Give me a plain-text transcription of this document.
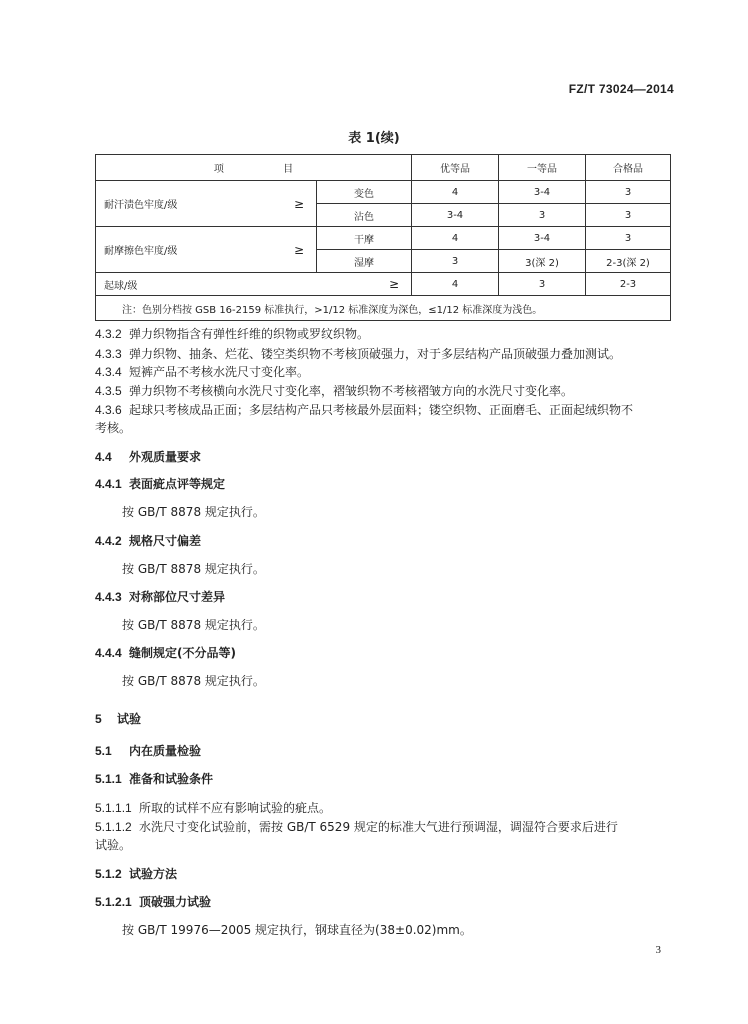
FZ/T 73024—2014
表 1(续)
项 目			优等品	一等品	合格品
耐汗渍色牢度/级	≥	变色	4	3-4	3
		沾色	3-4	3	3
耐摩擦色牢度/级	≥	干摩	4	3-4	3
		湿摩	3	3(深 2)	2-3(深 2)
起球/级	≥		4	3	2-3
注：色别分档按 GSB 16-2159 标准执行，>1/12 标准深度为深色，≤1/12 标准深度为浅色。					
4.3.2 弹力织物指含有弹性纤维的织物或罗纹织物。
4.3.3 弹力织物、抽条、烂花、镂空类织物不考核顶破强力，对于多层结构产品顶破强力叠加测试。
4.3.4 短裤产品不考核水洗尺寸变化率。
4.3.5 弹力织物不考核横向水洗尺寸变化率，褶皱织物不考核褶皱方向的水洗尺寸变化率。
4.3.6 起球只考核成品正面；多层结构产品只考核最外层面料；镂空织物、正面磨毛、正面起绒织物不
考核。
4.4 外观质量要求
4.4.1 表面疵点评等规定
按 GB/T 8878 规定执行。
4.4.2 规格尺寸偏差
按 GB/T 8878 规定执行。
4.4.3 对称部位尺寸差异
按 GB/T 8878 规定执行。
4.4.4 缝制规定(不分品等)
按 GB/T 8878 规定执行。
5 试验
5.1 内在质量检验
5.1.1 准备和试验条件
5.1.1.1 所取的试样不应有影响试验的疵点。
5.1.1.2 水洗尺寸变化试验前，需按 GB/T 6529 规定的标准大气进行预调湿，调湿符合要求后进行
试验。
5.1.2 试验方法
5.1.2.1 顶破强力试验
按 GB/T 19976—2005 规定执行，钢球直径为(38±0.02)mm。
3
